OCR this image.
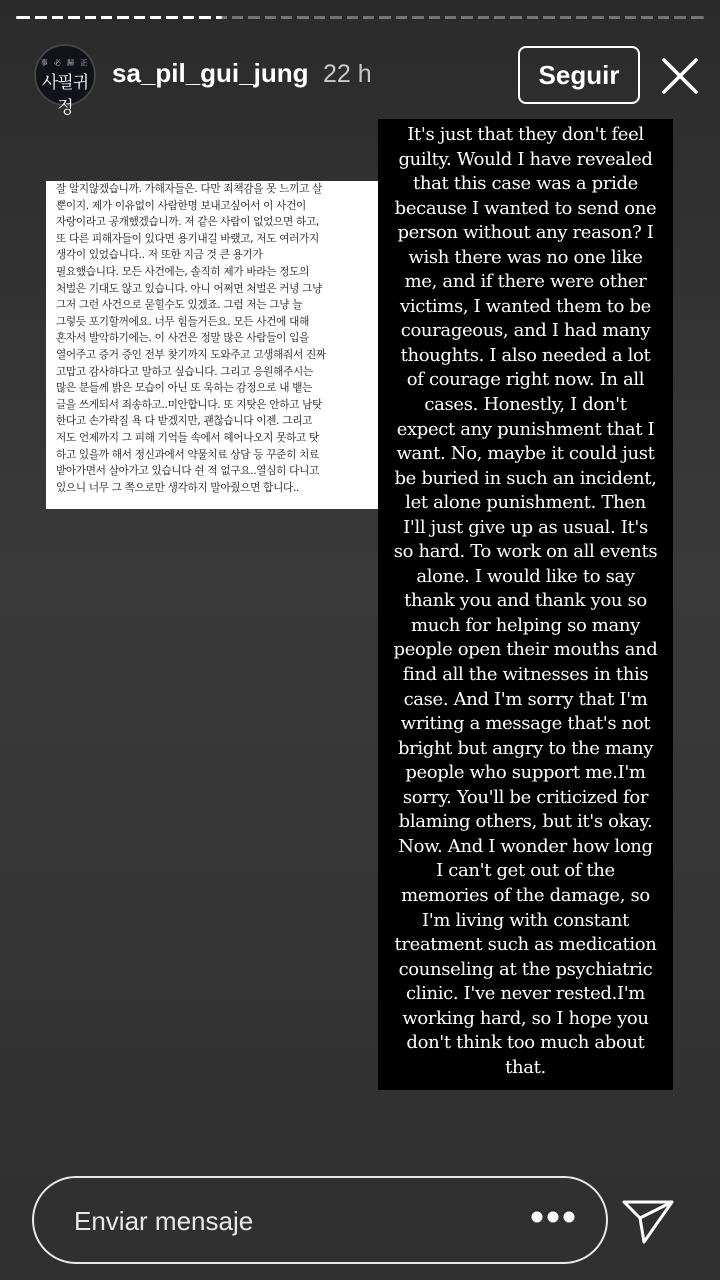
事 必 歸 正
사필귀정
sa_pil_gui_jung 22 h	Seguir

잘 알지않겠습니까. 가해자들은. 다만 죄책감을 못 느끼고 살

뿐이지. 제가 이유없이 사람한명 보내고싶어서 이 사건이

자랑이라고 공개했겠습니까. 저 같은 사람이 없었으면 하고,

또 다른 피해자들이 있다면 용기내길 바랬고, 저도 여러가지

생각이 있었습니다.. 저 또한 지금 것 큰 용기가

필요했습니다. 모든 사건에는, 솔직히 제가 바라는 정도의

처벌은 기대도 않고 있습니다. 아니 어쩌면 처벌은 커녕 그냥

그저 그런 사건으로 묻힐수도 있겠죠. 그럼 저는 그냥 늘

그렇듯 포기할꺼에요. 너무 힘들거든요. 모든 사건에 대해

혼자서 발악하기에는. 이 사건은 정말 많은 사람들이 입을

열어주고 증거 증인 전부 찾기까지 도와주고 고생해줘서 진짜

고맙고 감사하다고 말하고 싶습니다. 그리고 응원해주시는

많은 분들께 밝은 모습이 아닌 또 욱하는 감정으로 내 뱉는

글을 쓰게되서 죄송하고..미안합니다. 또 지탓은 안하고 남탓

한다고 손가락질 욕 다 받겠지만, 괜찮습니다 이젠. 그리고

저도 언제까지 그 피해 기억들 속에서 헤어나오지 못하고 탓

하고 있을까 해서 정신과에서 약물치료 상담 등 꾸준히 치료

받아가면서 살아가고 있습니다 쉰 적 없구요..열심히 다니고

있으니 너무 그 쪽으로만 생각하지 말아줬으면 합니다..

It's just that they don't feel

guilty. Would I have revealed

that this case was a pride

because I wanted to send one

person without any reason? I

wish there was no one like

me, and if there were other

victims, I wanted them to be

courageous, and I had many

thoughts. I also needed a lot

of courage right now. In all

cases. Honestly, I don't

expect any punishment that I

want. No, maybe it could just

be buried in such an incident,

let alone punishment. Then

I'll just give up as usual. It's

so hard. To work on all events

alone. I would like to say

thank you and thank you so

much for helping so many

people open their mouths and

find all the witnesses in this

case. And I'm sorry that I'm

writing a message that's not

bright but angry to the many

people who support me.I'm

sorry. You'll be criticized for

blaming others, but it's okay.

Now. And I wonder how long

I can't get out of the

memories of the damage, so

I'm living with constant

treatment such as medication

counseling at the psychiatric

clinic. I've never rested.I'm

working hard, so I hope you

don't think too much about

that.

Enviar mensaje
